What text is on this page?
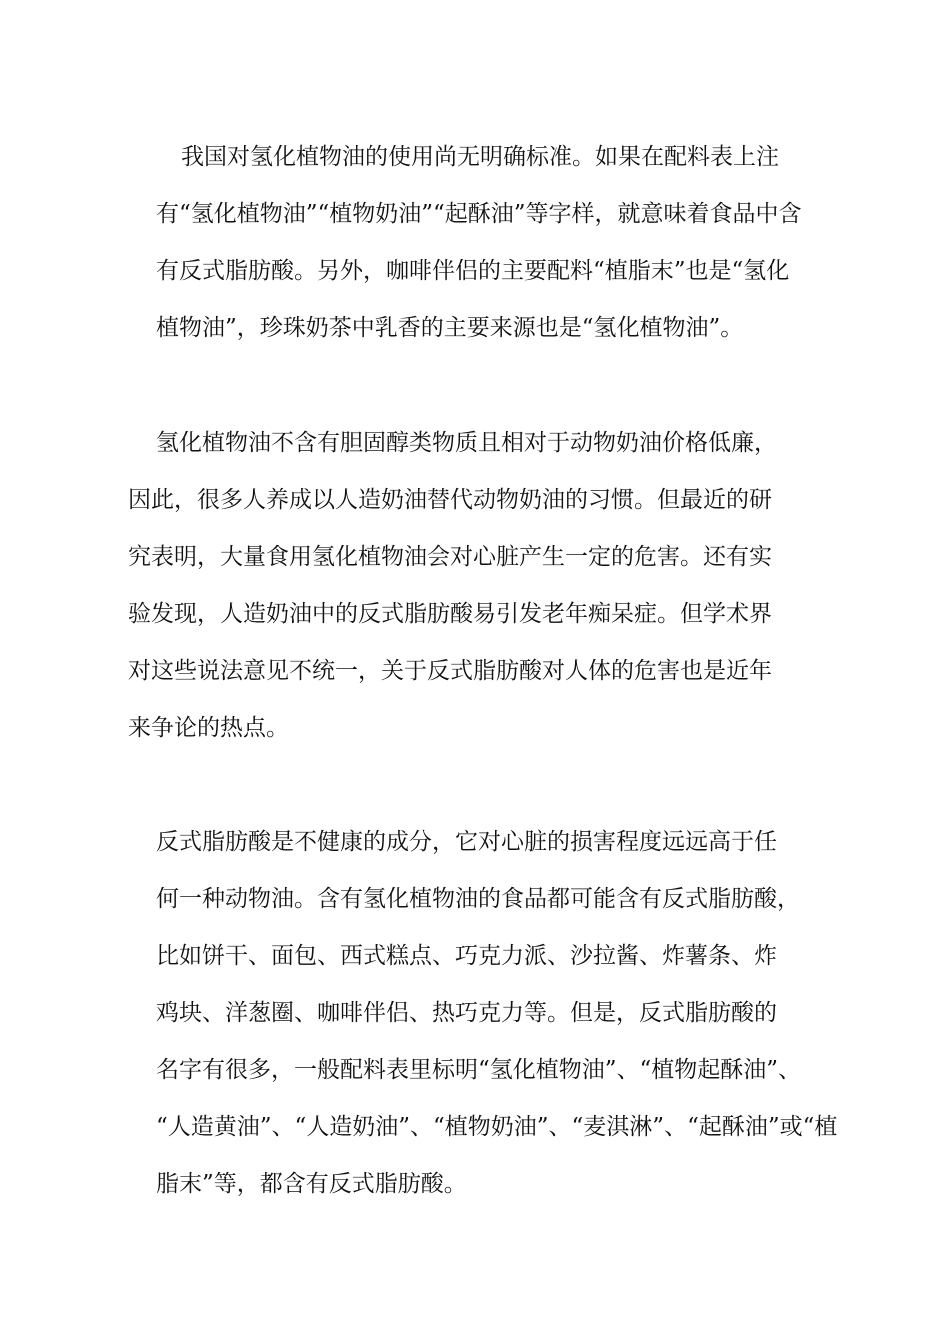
我国对氢化植物油的使用尚无明确标准。如果在配料表上注

有“氢化植物油”“植物奶油”“起酥油”等字样，就意味着食品中含

有反式脂肪酸。另外，咖啡伴侣的主要配料“植脂末”也是“氢化

植物油”，珍珠奶茶中乳香的主要来源也是“氢化植物油”。

氢化植物油不含有胆固醇类物质且相对于动物奶油价格低廉，

因此，很多人养成以人造奶油替代动物奶油的习惯。但最近的研

究表明，大量食用氢化植物油会对心脏产生一定的危害。还有实

验发现，人造奶油中的反式脂肪酸易引发老年痴呆症。但学术界

对这些说法意见不统一，关于反式脂肪酸对人体的危害也是近年

来争论的热点。

反式脂肪酸是不健康的成分，它对心脏的损害程度远远高于任

何一种动物油。含有氢化植物油的食品都可能含有反式脂肪酸，

比如饼干、面包、西式糕点、巧克力派、沙拉酱、炸薯条、炸

鸡块、洋葱圈、咖啡伴侣、热巧克力等。但是，反式脂肪酸的

名字有很多，一般配料表里标明“氢化植物油”、“植物起酥油”、

“人造黄油”、“人造奶油”、“植物奶油”、“麦淇淋”、“起酥油”或“植

脂末”等，都含有反式脂肪酸。
